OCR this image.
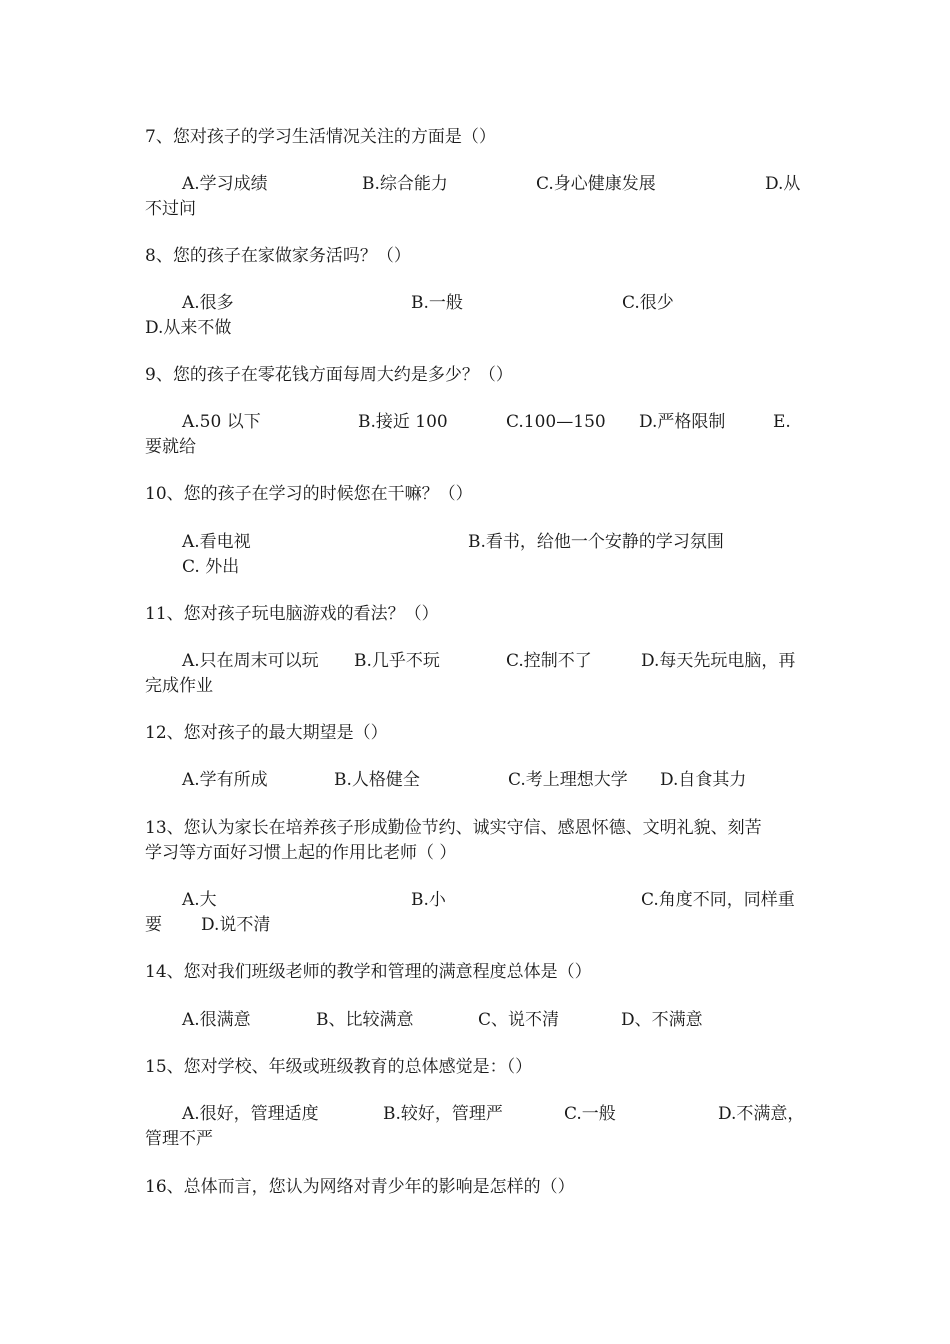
7、您对孩子的学习生活情况关注的方面是（）
A.学习成绩	B.综合能力	C.身心健康发展	D.从
不过问
8、您的孩子在家做家务活吗？（）
A.很多	B.一般	C.很少
D.从来不做
9、您的孩子在零花钱方面每周大约是多少？（）
A.50 以下	B.接近 100	C.100—150 D.严格限制	E.
要就给
10、您的孩子在学习的时候您在干嘛？（）
A.看电视	B.看书，给他一个安静的学习氛围
C. 外出
11、您对孩子玩电脑游戏的看法？（）
A.只在周末可以玩 B.几乎不玩	C.控制不了	D.每天先玩电脑，再
完成作业
12、您对孩子的最大期望是（）
A.学有所成	B.人格健全	C.考上理想大学 D.自食其力
13、您认为家长在培养孩子形成勤俭节约、诚实守信、感恩怀德、文明礼貌、刻苦
学习等方面好习惯上起的作用比老师（ ）
A.大	B.小	C.角度不同，同样重
要 D.说不清
14、您对我们班级老师的教学和管理的满意程度总体是（）
A.很满意	B、比较满意	C、说不清	D、不满意
15、您对学校、年级或班级教育的总体感觉是：（）
A.很好，管理适度	B.较好，管理严	C.一般	D.不满意，
管理不严
16、总体而言，您认为网络对青少年的影响是怎样的（）
